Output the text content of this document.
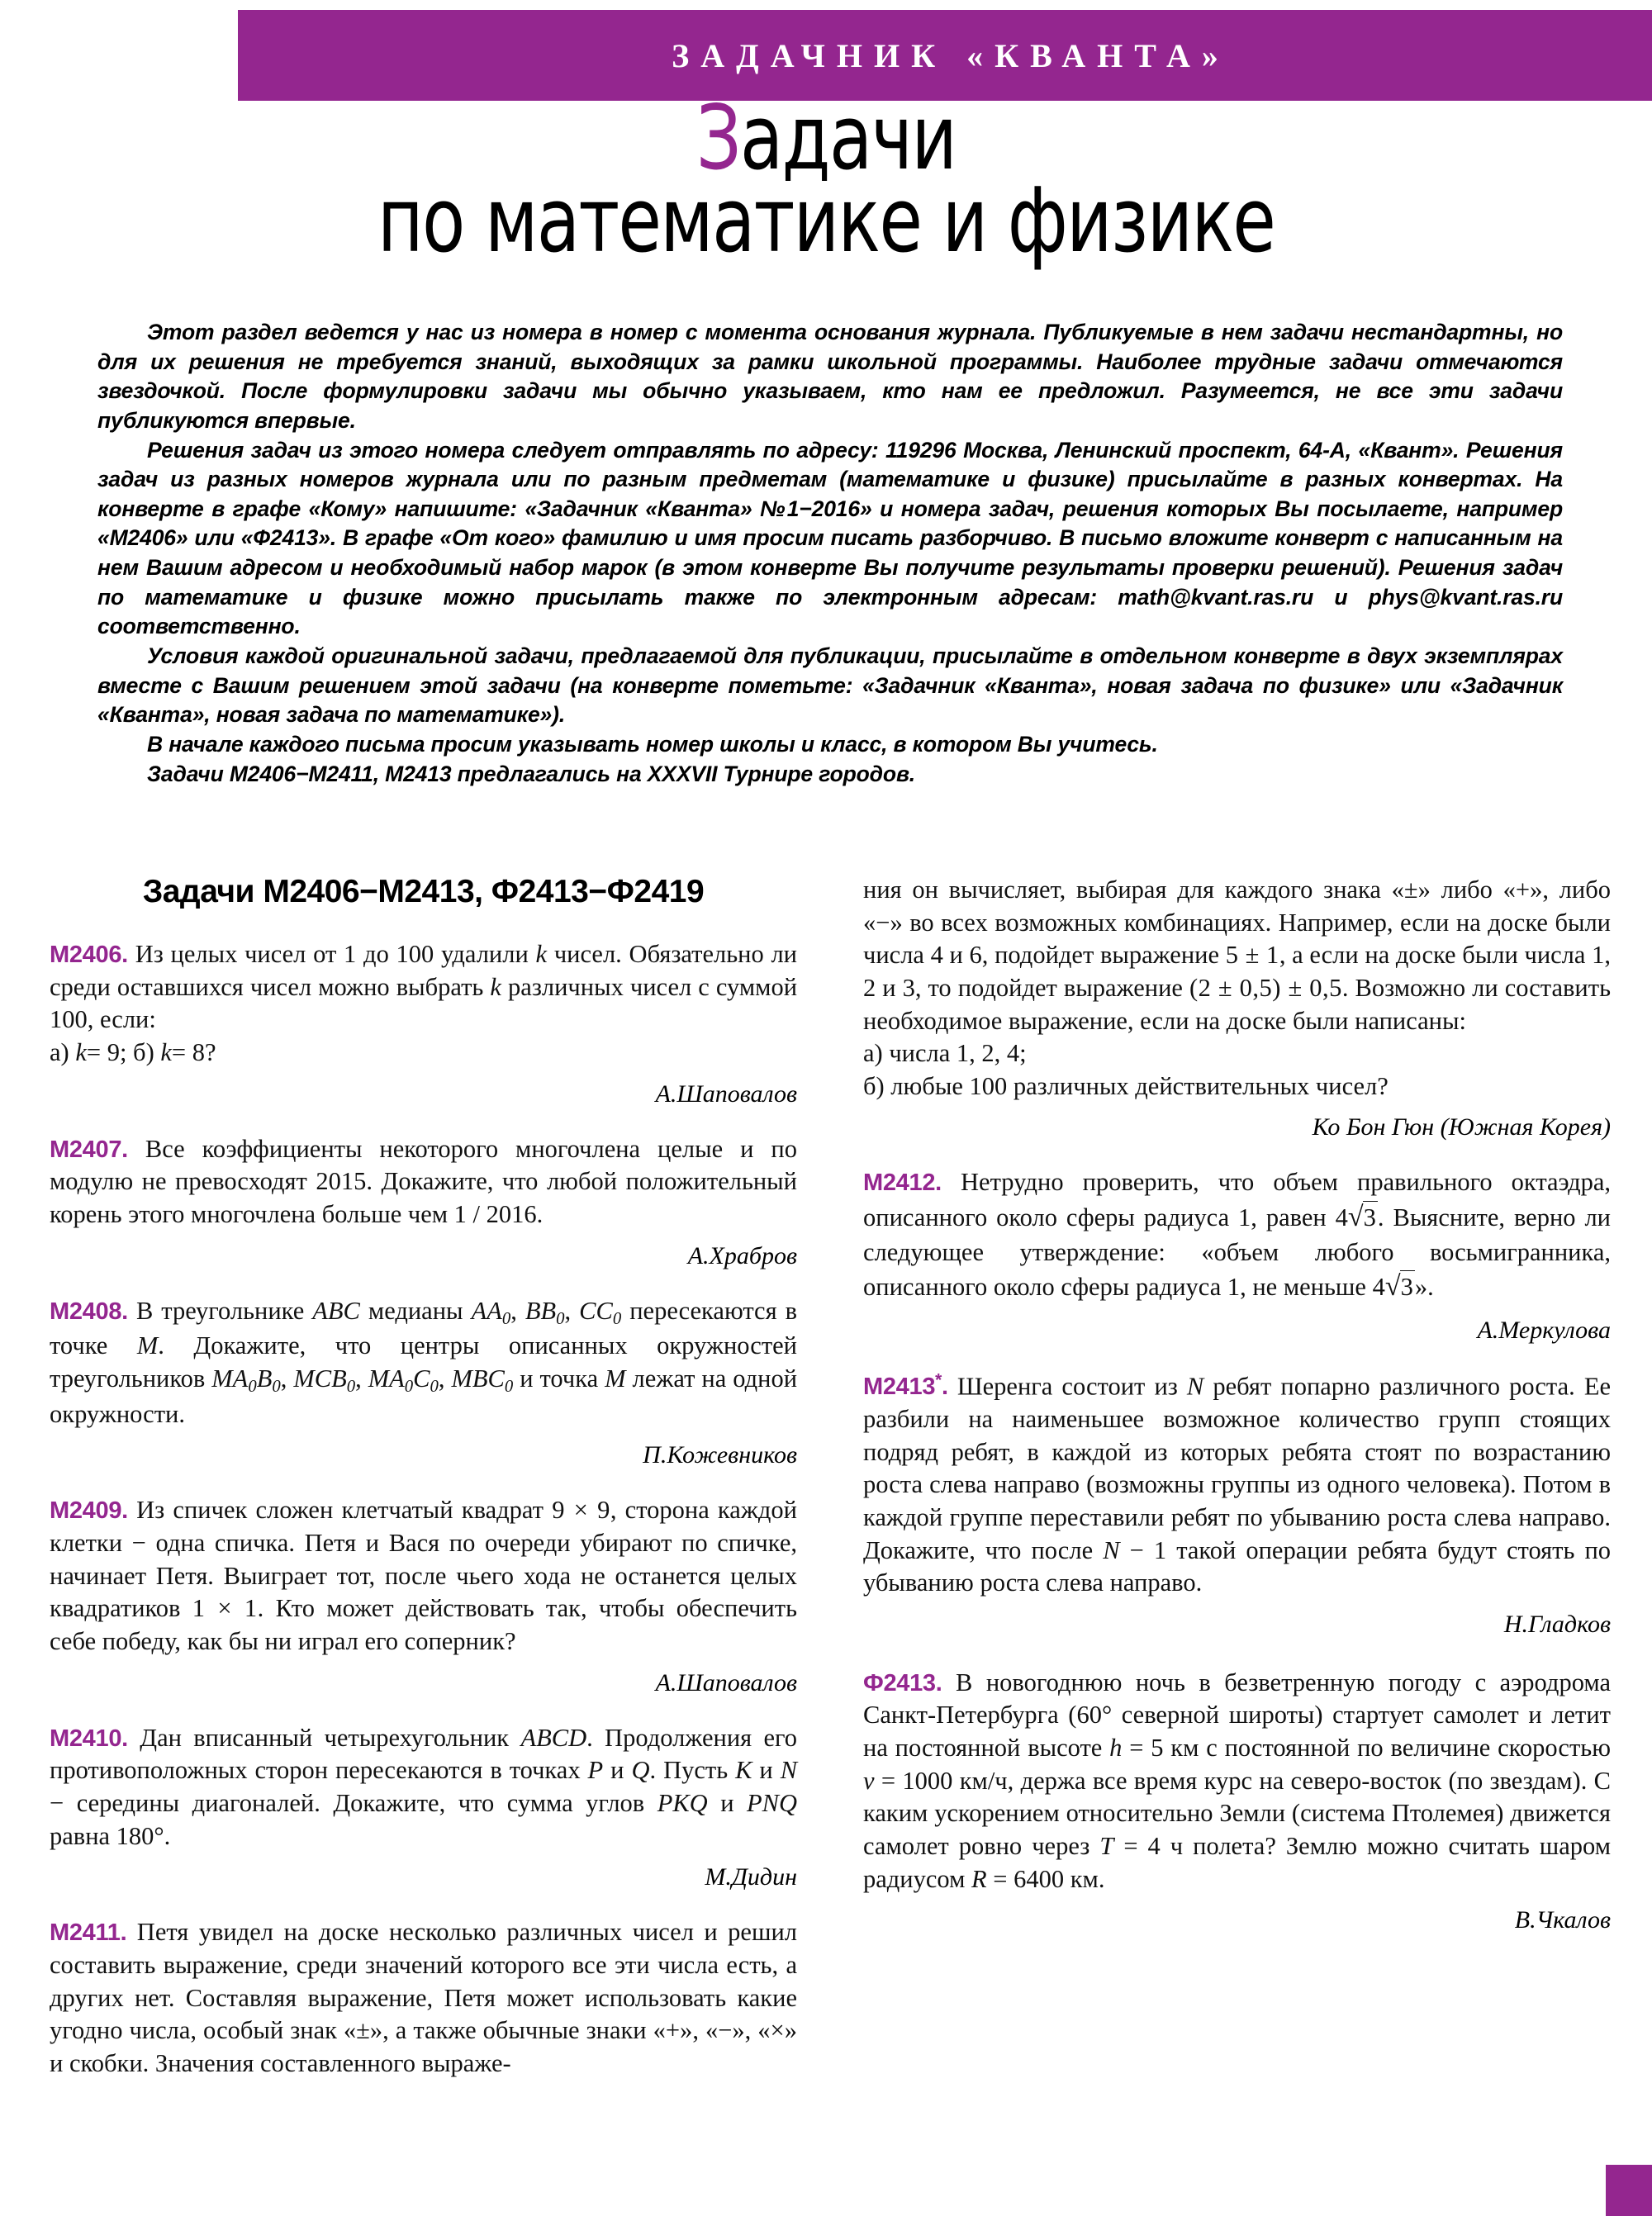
ЗАДАЧНИК «КВАНТА»
Задачи
по математике и физике

Этот раздел ведется у нас из номера в номер с момента основания журнала. Публикуемые в нем задачи нестандартны, но для их решения не требуется знаний, выходящих за рамки школьной программы. Наиболее трудные задачи отмечаются звездочкой. После формулировки задачи мы обычно указываем, кто нам ее предложил. Разумеется, не все эти задачи публикуются впервые.

Решения задач из этого номера следует отправлять по адресу: 119296 Москва, Ленинский проспект, 64-А, «Квант». Решения задач из разных номеров журнала или по разным предметам (математике и физике) присылайте в разных конвертах. На конверте в графе «Кому» напишите: «Задачник «Кванта» №1−2016» и номера задач, решения которых Вы посылаете, например «М2406» или «Ф2413». В графе «От кого» фамилию и имя просим писать разборчиво. В письмо вложите конверт с написанным на нем Вашим адресом и необходимый набор марок (в этом конверте Вы получите результаты проверки решений). Решения задач по математике и физике можно присылать также по электронным адресам: math@kvant.ras.ru и phys@kvant.ras.ru соответственно.

Условия каждой оригинальной задачи, предлагаемой для публикации, присылайте в отдельном конверте в двух экземплярах вместе с Вашим решением этой задачи (на конверте пометьте: «Задачник «Кванта», новая задача по физике» или «Задачник «Кванта», новая задача по математике»).

В начале каждого письма просим указывать номер школы и класс, в котором Вы учитесь.

Задачи М2406−М2411, М2413 предлагались на XXXVII Турнире городов.

Задачи М2406−М2413, Ф2413−Ф2419

М2406. Из целых чисел от 1 до 100 удалили k чисел. Обязательно ли среди оставшихся чисел можно выбрать k различных чисел с суммой 100, если:
а) k= 9; б) k= 8?

А.Шаповалов

М2407. Все коэффициенты некоторого многочлена целые и по модулю не превосходят 2015. Докажите, что любой положительный корень этого многочлена больше чем 1 / 2016.

А.Храбров

М2408. В треугольнике ABC медианы $AA_0$, $BB_0$, $CC_0$ пересекаются в точке M. Докажите, что центры описанных окружностей треугольников $MA_0B_0$, $MCB_0$, $MA_0C_0$, $MBC_0$ и точка M лежат на одной окружности.

П.Кожевников

М2409. Из спичек сложен клетчатый квадрат 9 × 9, сторона каждой клетки − одна спичка. Петя и Вася по очереди убирают по спичке, начинает Петя. Выиграет тот, после чьего хода не останется целых квадратиков 1 × 1. Кто может действовать так, чтобы обеспечить себе победу, как бы ни играл его соперник?

А.Шаповалов

М2410. Дан вписанный четырехугольник ABCD. Продолжения его противоположных сторон пересекаются в точках P и Q. Пусть K и N − середины диагоналей. Докажите, что сумма углов PKQ и PNQ равна 180°.

М.Дидин

М2411. Петя увидел на доске несколько различных чисел и решил составить выражение, среди значений которого все эти числа есть, а других нет. Составляя выражение, Петя может использовать какие угодно числа, особый знак «±», а также обычные знаки «+», «−», «×» и скобки. Значения составленного выраже-

ния он вычисляет, выбирая для каждого знака «±» либо «+», либо «−» во всех возможных комбинациях. Например, если на доске были числа 4 и 6, подойдет выражение 5 ± 1, а если на доске были числа 1, 2 и 3, то подойдет выражение (2 ± 0,5) ± 0,5. Возможно ли составить необходимое выражение, если на доске были написаны:
а) числа 1, 2, 4;
б) любые 100 различных действительных чисел?

Ко Бон Гюн (Южная Корея)

М2412. Нетрудно проверить, что объем правильного октаэдра, описанного около сферы радиуса 1, равен 4√3. Выясните, верно ли следующее утверждение: «объем любого восьмигранника, описанного около сферы радиуса 1, не меньше 4√3».

А.Меркулова

М2413*. Шеренга состоит из N ребят попарно различного роста. Ее разбили на наименьшее возможное количество групп стоящих подряд ребят, в каждой из которых ребята стоят по возрастанию роста слева направо (возможны группы из одного человека). Потом в каждой группе переставили ребят по убыванию роста слева направо. Докажите, что после N − 1 такой операции ребята будут стоять по убыванию роста слева направо.

Н.Гладков

Ф2413. В новогоднюю ночь в безветренную погоду с аэродрома Санкт-Петербурга (60° северной широты) стартует самолет и летит на постоянной высоте h = 5 км с постоянной по величине скоростью v = 1000 км/ч, держа все время курс на северо-восток (по звездам). С каким ускорением относительно Земли (система Птолемея) движется самолет ровно через T = 4 ч полета? Землю можно считать шаром радиусом R = 6400 км.

В.Чкалов
